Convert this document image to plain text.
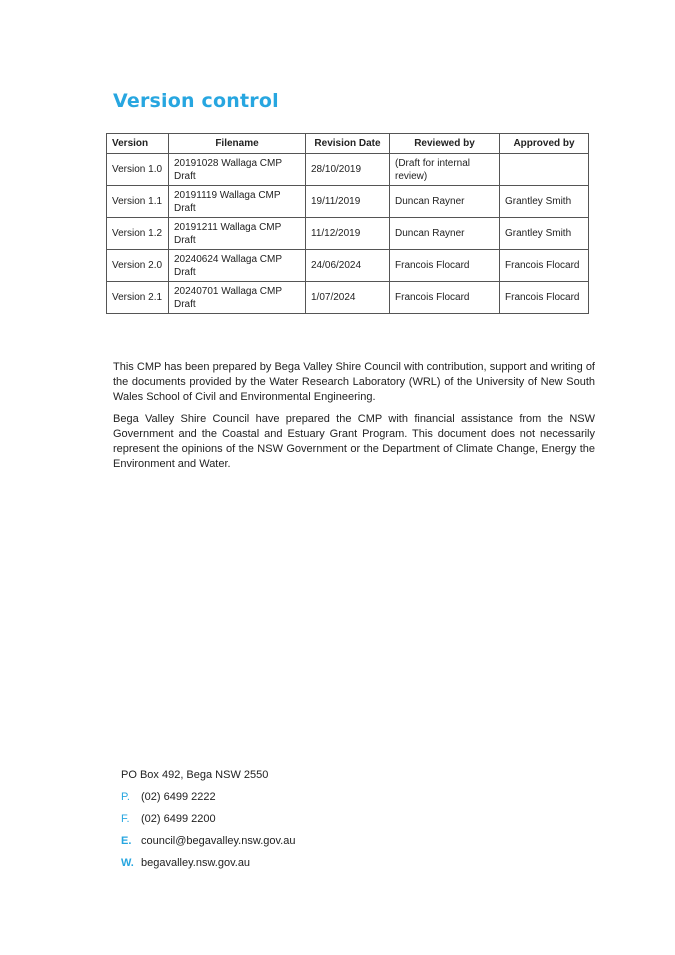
Version control
Version	Filename	Revision Date	Reviewed by	Approved by
Version 1.0	20191028 Wallaga CMP Draft	28/10/2019	(Draft for internal review)	
Version 1.1	20191119 Wallaga CMP Draft	19/11/2019	Duncan Rayner	Grantley Smith
Version 1.2	20191211 Wallaga CMP Draft	11/12/2019	Duncan Rayner	Grantley Smith
Version 2.0	20240624 Wallaga CMP Draft	24/06/2024	Francois Flocard	Francois Flocard
Version 2.1	20240701 Wallaga CMP Draft	1/07/2024	Francois Flocard	Francois Flocard

This CMP has been prepared by Bega Valley Shire Council with contribution, support and writing of the documents provided by the Water Research Laboratory (WRL) of the University of New South Wales School of Civil and Environmental Engineering.

Bega Valley Shire Council have prepared the CMP with financial assistance from the NSW Government and the Coastal and Estuary Grant Program. This document does not necessarily represent the opinions of the NSW Government or the Department of Climate Change, Energy the Environment and Water.

PO Box 492, Bega NSW 2550
P.	(02) 6499 2222
F.	(02) 6499 2200
E. council@begavalley.nsw.gov.au
W. begavalley.nsw.gov.au
